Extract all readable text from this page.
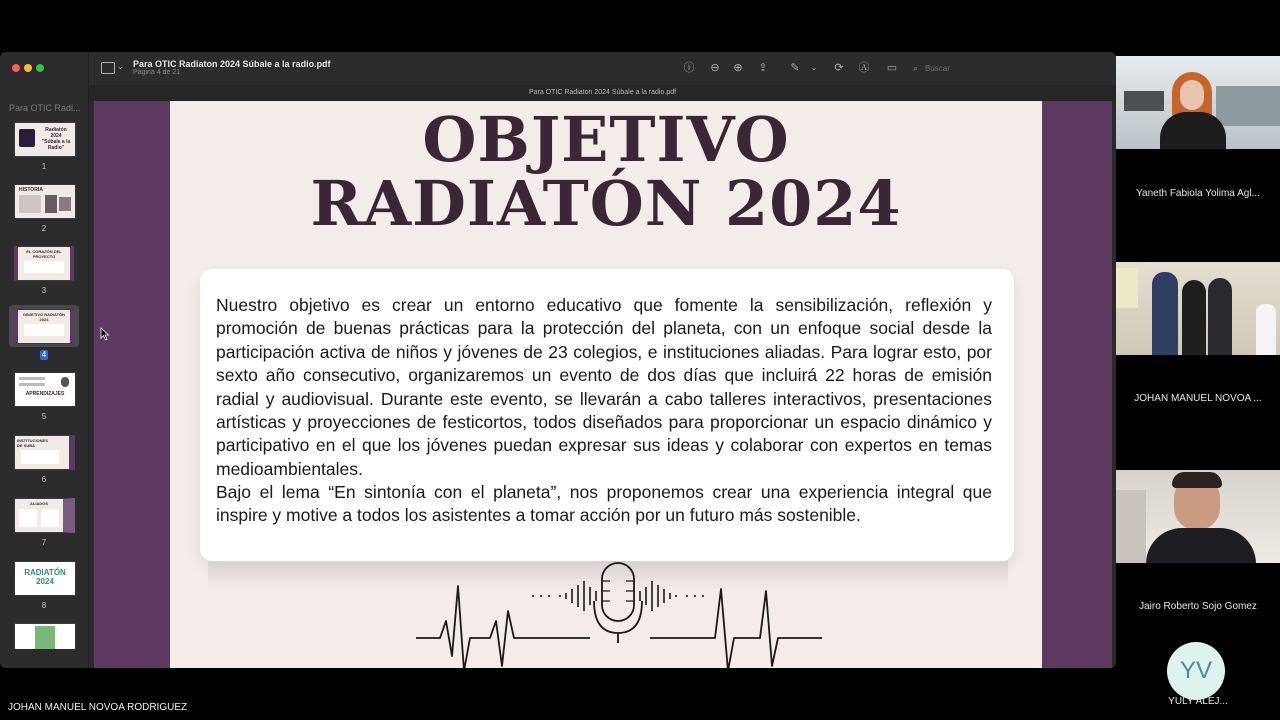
Para OTIC Radi...
Radiatón 2024 "Súbale a la Radio"
1
HISTORIA
2
EL CORAZÓN DEL PROYECTO
3
OBJETIVO RADIATÓN 2024
4
APRENDIZAJES
5
INSTITUCIONES DE SUBA
6
ALIADOS
7
RADIATÓN 2024
8
⌄ Para OTIC Radiaton 2024 Súbale a la radio.pdf
Página 4 de 21	ⓘ ⊖ ⊕ ⇪ ✎	⌄	⟳ Ⓐ ▭ ⌕
Buscar
Para OTIC Radiaton 2024 Súbale a la radio.pdf
OBJETIVO
RADIATÓN 2024
Nuestro objetivo es crear un entorno educativo que fomente la sensibilización, reflexión y promoción de buenas prácticas para la protección del planeta, con un enfoque social desde la participación activa de niños y jóvenes de 23 colegios, e instituciones aliadas. Para lograr esto, por sexto año consecutivo, organizaremos un evento de dos días que incluirá 22 horas de emisión radial y audiovisual. Durante este evento, se llevarán a cabo talleres interactivos, presentaciones artísticas y proyecciones de festicortos, todos diseñados para proporcionar un espacio dinámico y participativo en el que los jóvenes puedan expresar sus ideas y colaborar con expertos en temas medioambientales.
Bajo el lema “En sintonía con el planeta”, nos proponemos crear una experiencia integral que inspire y motive a todos los asistentes a tomar acción por un futuro más sostenible.
Yaneth Fabiola Yolima Agl...
JOHAN MANUEL NOVOA ...
Jairo Roberto Sojo Gomez
YV
YULY ALEJ...
JOHAN MANUEL NOVOA RODRIGUEZ
